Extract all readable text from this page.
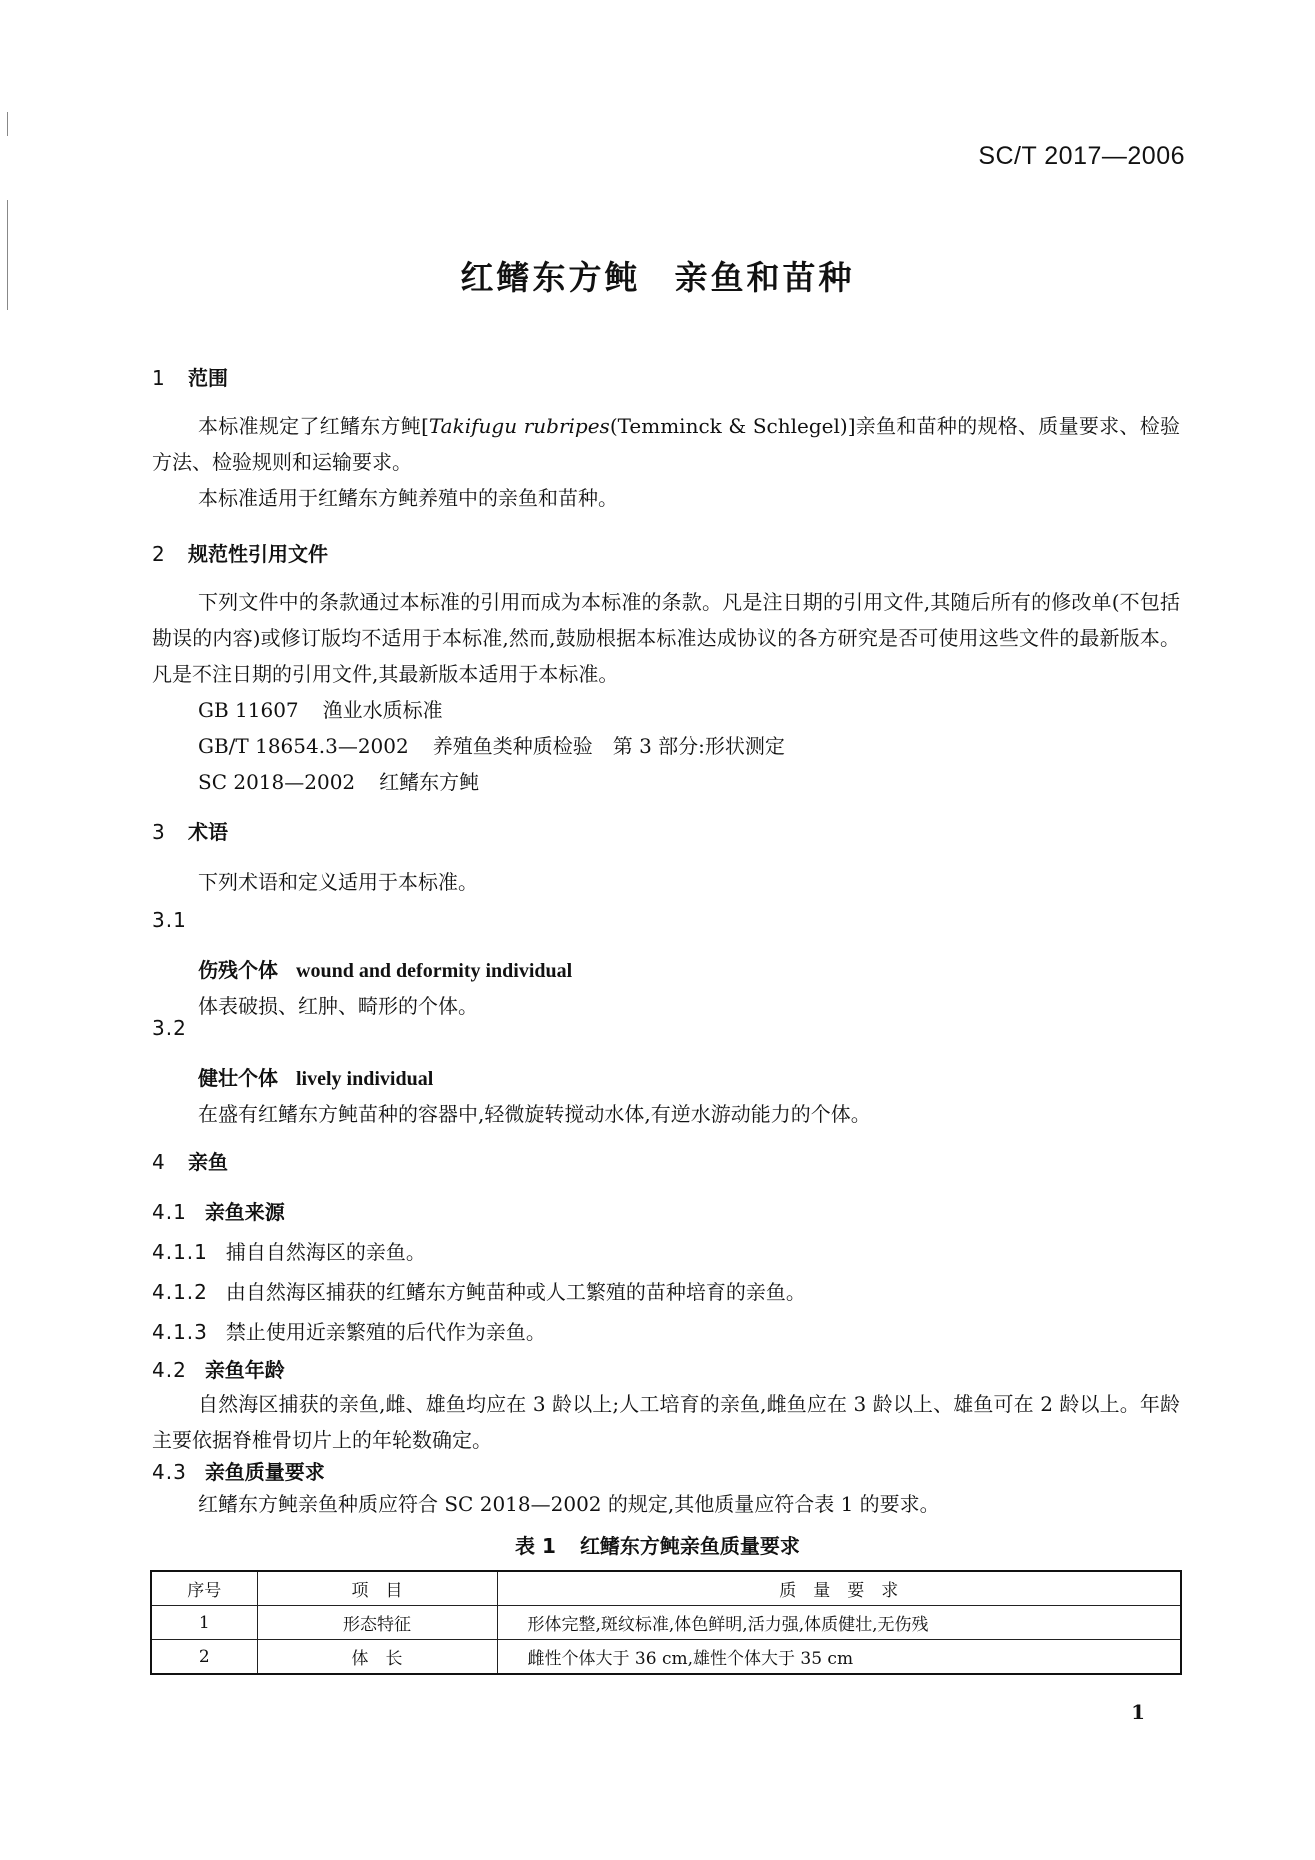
SC/T 2017—2006
红鳍东方鲀 亲鱼和苗种
1 范围
本标准规定了红鳍东方鲀[Takifugu rubripes(Temminck & Schlegel)]亲鱼和苗种的规格、质量要求、检验方法、检验规则和运输要求。
本标准适用于红鳍东方鲀养殖中的亲鱼和苗种。
2 规范性引用文件
下列文件中的条款通过本标准的引用而成为本标准的条款。凡是注日期的引用文件,其随后所有的修改单(不包括勘误的内容)或修订版均不适用于本标准,然而,鼓励根据本标准达成协议的各方研究是否可使用这些文件的最新版本。凡是不注日期的引用文件,其最新版本适用于本标准。
GB 11607 渔业水质标准
GB/T 18654.3—2002 养殖鱼类种质检验　第 3 部分:形状测定
SC 2018—2002 红鳍东方鲀
3 术语
下列术语和定义适用于本标准。
3.1
伤残个体 wound and deformity individual
体表破损、红肿、畸形的个体。
3.2
健壮个体 lively individual
在盛有红鳍东方鲀苗种的容器中,轻微旋转搅动水体,有逆水游动能力的个体。
4 亲鱼
4.1 亲鱼来源
4.1.1 捕自自然海区的亲鱼。
4.1.2 由自然海区捕获的红鳍东方鲀苗种或人工繁殖的苗种培育的亲鱼。
4.1.3 禁止使用近亲繁殖的后代作为亲鱼。
4.2 亲鱼年龄
自然海区捕获的亲鱼,雌、雄鱼均应在 3 龄以上;人工培育的亲鱼,雌鱼应在 3 龄以上、雄鱼可在 2 龄以上。年龄主要依据脊椎骨切片上的年轮数确定。
4.3 亲鱼质量要求
红鳍东方鲀亲鱼种质应符合 SC 2018—2002 的规定,其他质量应符合表 1 的要求。
表 1 红鳍东方鲀亲鱼质量要求
序号	项　目	质　量　要　求
1	形态特征	形体完整,斑纹标准,体色鲜明,活力强,体质健壮,无伤残
2	体　长	雌性个体大于 36 cm,雄性个体大于 35 cm
1
